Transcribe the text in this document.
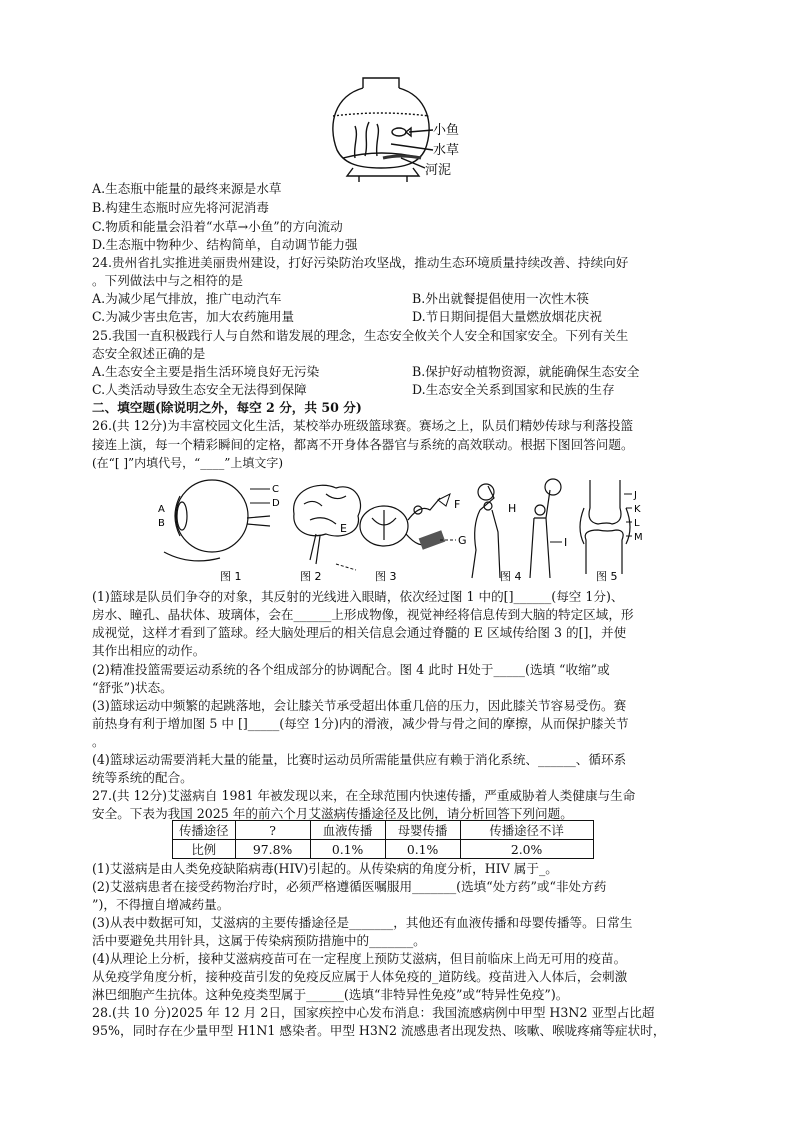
小鱼
水草
河泥
A.生态瓶中能量的最终来源是水草
B.构建生态瓶时应先将河泥消毒
C.物质和能量会沿着“水草→小鱼”的方向流动
D.生态瓶中物种少、结构简单，自动调节能力强
24.贵州省扎实推进美丽贵州建设，打好污染防治攻坚战，推动生态环境质量持续改善、持续向好
。下列做法中与之相符的是
A.为减少尾气排放，推广电动汽车	B.外出就餐提倡使用一次性木筷
C.为减少害虫危害，加大农药施用量	D.节日期间提倡大量燃放烟花庆祝
25.我国一直积极践行人与自然和谐发展的理念，生态安全攸关个人安全和国家安全。下列有关生
态安全叙述正确的是
A.生态安全主要是指生活环境良好无污染	B.保护好动植物资源，就能确保生态安全
C.人类活动导致生态安全无法得到保障	D.生态安全关系到国家和民族的生存
二、填空题(除说明之外，每空 2 分，共 50 分)
26.(共 12分)为丰富校园文化生活，某校举办班级篮球赛。赛场之上，队员们精妙传球与利落投篮
接连上演，每一个精彩瞬间的定格，都离不开身体各器官与系统的高效联动。根据下图回答问题。
(在“[ ]”内填代号，“____”上填文字)
A
B
C
D
E
F
G
H
I
J
K
L
M
图 1	图 2	图 3	图 4	图 5
(1)篮球是队员们争夺的对象，其反射的光线进入眼睛，依次经过图 1 中的[]______(每空 1分)、
房水、瞳孔、晶状体、玻璃体，会在______上形成物像，视觉神经将信息传到大脑的特定区域，形
成视觉，这样才看到了篮球。经大脑处理后的相关信息会通过脊髓的 E 区域传给图 3 的[]，并使
其作出相应的动作。
(2)精准投篮需要运动系统的各个组成部分的协调配合。图 4 此时 H处于_____(选填 “收缩”或
“舒张”)状态。
(3)篮球运动中频繁的起跳落地，会让膝关节承受超出体重几倍的压力，因此膝关节容易受伤。赛
前热身有利于增加图 5 中 []_____(每空 1分)内的滑液，减少骨与骨之间的摩擦，从而保护膝关节
。
(4)篮球运动需要消耗大量的能量，比赛时运动员所需能量供应有赖于消化系统、______、循环系
统等系统的配合。
27.(共 12分)艾滋病自 1981 年被发现以来，在全球范围内快速传播，严重威胁着人类健康与生命
安全。下表为我国 2025 年的前六个月艾滋病传播途径及比例，请分析回答下列问题。
传播途径	?	血液传播	母婴传播	传播途径不详
比例	97.8%	0.1%	0.1%	2.0%
(1)艾滋病是由人类免疫缺陷病毒(HIV)引起的。从传染病的角度分析，HIV 属于_。
(2)艾滋病患者在接受药物治疗时，必须严格遵循医嘱服用_______(选填“处方药”或“非处方药
”)，不得擅自增减药量。
(3)从表中数据可知，艾滋病的主要传播途径是_______，其他还有血液传播和母婴传播等。日常生
活中要避免共用针具，这属于传染病预防措施中的_______。
(4)从理论上分析，接种艾滋病疫苗可在一定程度上预防艾滋病，但目前临床上尚无可用的疫苗。
从免疫学角度分析，接种疫苗引发的免疫反应属于人体免疫的_道防线。疫苗进入人体后，会刺激
淋巴细胞产生抗体。这种免疫类型属于______(选填“非特异性免疫”或“特异性免疫”)。
28.(共 10 分)2025 年 12 月 2日，国家疾控中心发布消息：我国流感病例中甲型 H3N2 亚型占比超
95%，同时存在少量甲型 H1N1 感染者。甲型 H3N2 流感患者出现发热、咳嗽、喉咙疼痛等症状时，
